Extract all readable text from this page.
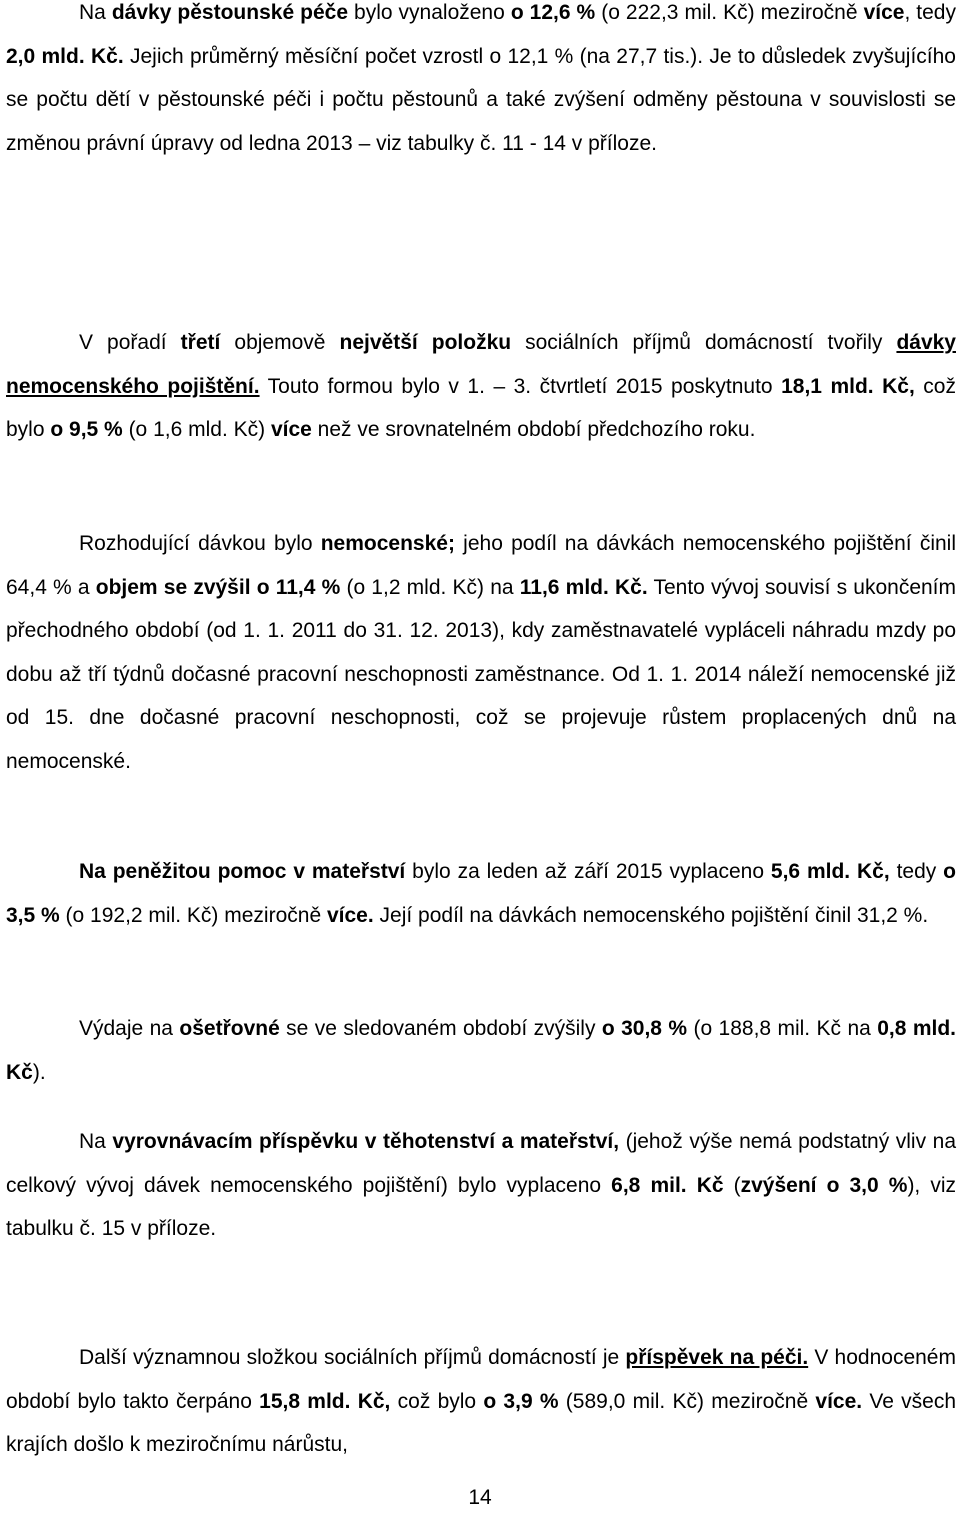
Na dávky pěstounské péče bylo vynaloženo o 12,6 % (o 222,3 mil. Kč) meziročně více, tedy 2,0 mld. Kč. Jejich průměrný měsíční počet vzrostl o 12,1 % (na 27,7 tis.). Je to důsledek zvyšujícího se počtu dětí v pěstounské péči i počtu pěstounů a také zvýšení odměny pěstouna v souvislosti se změnou právní úpravy od ledna 2013 – viz tabulky č. 11 - 14 v příloze.

V pořadí třetí objemově největší položku sociálních příjmů domácností tvořily dávky nemocenského pojištění. Touto formou bylo v 1. – 3. čtvrtletí 2015 poskytnuto 18,1 mld. Kč, což bylo o 9,5 % (o 1,6 mld. Kč) více než ve srovnatelném období předchozího roku.

Rozhodující dávkou bylo nemocenské; jeho podíl na dávkách nemocenského pojištění činil 64,4 % a objem se zvýšil o 11,4 % (o 1,2 mld. Kč) na 11,6 mld. Kč. Tento vývoj souvisí s ukončením přechodného období (od 1. 1. 2011 do 31. 12. 2013), kdy zaměstnavatelé vypláceli náhradu mzdy po dobu až tří týdnů dočasné pracovní neschopnosti zaměstnance. Od 1. 1. 2014 náleží nemocenské již od 15. dne dočasné pracovní neschopnosti, což se projevuje růstem proplacených dnů na nemocenské.

Na peněžitou pomoc v mateřství bylo za leden až září 2015 vyplaceno 5,6 mld. Kč, tedy o 3,5 % (o 192,2 mil. Kč) meziročně více. Její podíl na dávkách nemocenského pojištění činil 31,2 %.

Výdaje na ošetřovné se ve sledovaném období zvýšily o 30,8 % (o 188,8 mil. Kč na 0,8 mld. Kč).

Na vyrovnávacím příspěvku v těhotenství a mateřství, (jehož výše nemá podstatný vliv na celkový vývoj dávek nemocenského pojištění) bylo vyplaceno 6,8 mil. Kč (zvýšení o 3,0 %), viz tabulku č. 15 v příloze.

Další významnou složkou sociálních příjmů domácností je příspěvek na péči. V hodnoceném období bylo takto čerpáno 15,8 mld. Kč, což bylo o 3,9 % (589,0 mil. Kč) meziročně více. Ve všech krajích došlo k meziročnímu nárůstu,

14
